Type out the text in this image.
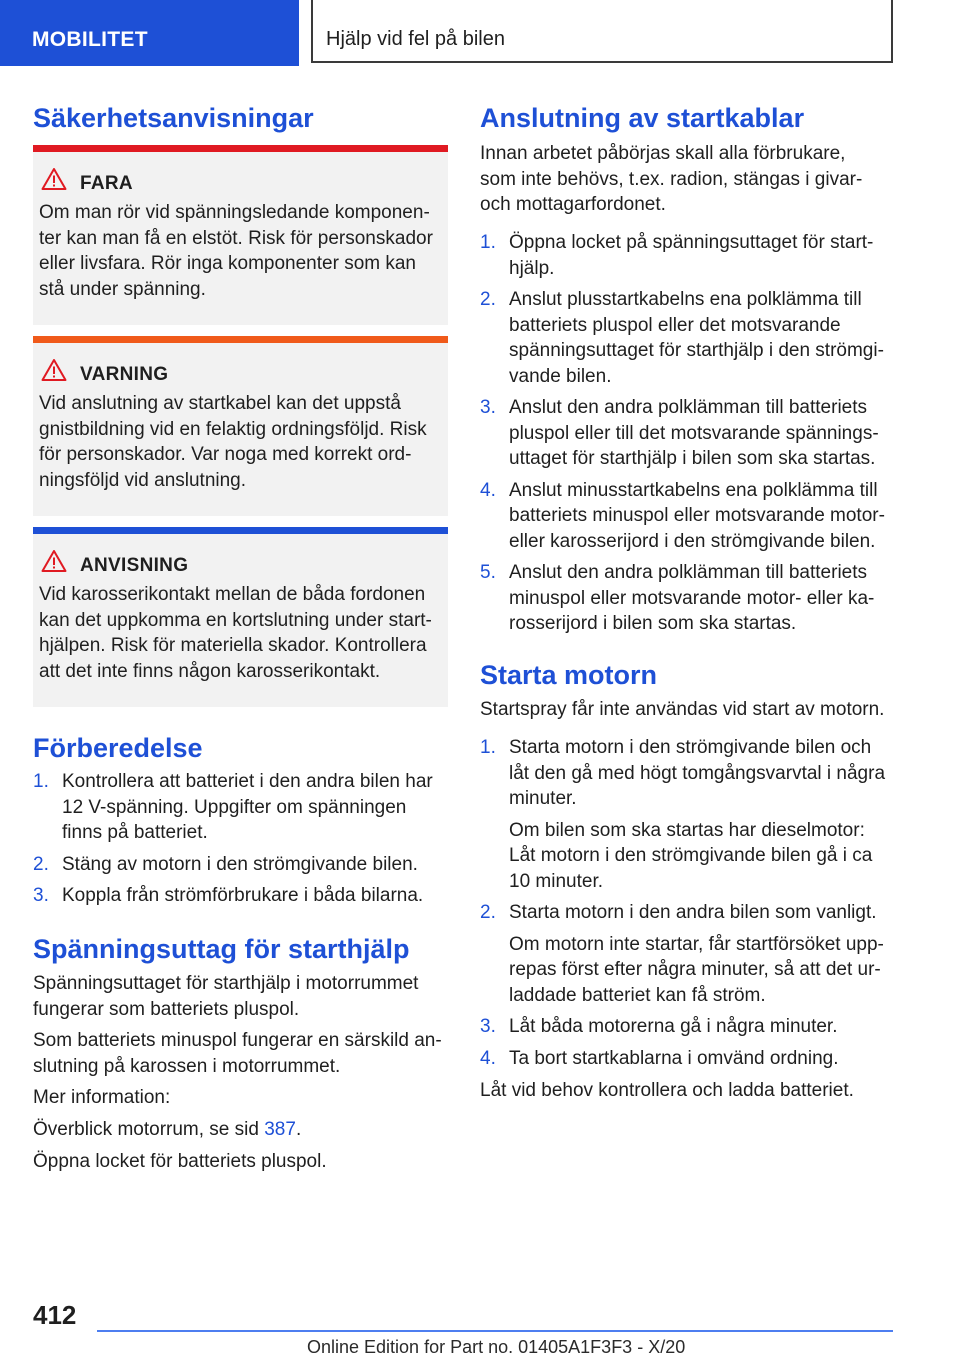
MOBILITET	Hjälp vid fel på bilen
Säkerhetsanvisningar
FARA

Om man rör vid spänningsledande komponen-ter kan man få en elstöt. Risk för personskador eller livsfara. Rör inga komponenter som kan stå under spänning.

VARNING

Vid anslutning av startkabel kan det uppstå gnistbildning vid en felaktig ordningsföljd. Risk för personskador. Var noga med korrekt ord-ningsföljd vid anslutning.

ANVISNING

Vid karosserikontakt mellan de båda fordonen kan det uppkomma en kortslutning under start-hjälpen. Risk för materiella skador. Kontrollera att det inte finns någon karosserikontakt.

Förberedelse
1. Kontrollera att batteriet i den andra bilen har 12 V-spänning. Uppgifter om spänningen finns på batteriet.
2. Stäng av motorn i den strömgivande bilen.
3. Koppla från strömförbrukare i båda bilarna.
Spänningsuttag för starthjälp

Spänningsuttaget för starthjälp i motorrummet fungerar som batteriets pluspol.

Som batteriets minuspol fungerar en särskild an-slutning på karossen i motorrummet.

Mer information:

Överblick motorrum, se sid 387.

Öppna locket för batteriets pluspol.

Anslutning av startkablar

Innan arbetet påbörjas skall alla förbrukare, som inte behövs, t.ex. radion, stängas i givar- och mottagarfordonet.

1. Öppna locket på spänningsuttaget för start-hjälp.
2. Anslut plusstartkabelns ena polklämma till batteriets pluspol eller det motsvarande spänningsuttaget för starthjälp i den strömgi-vande bilen.
3. Anslut den andra polklämman till batteriets pluspol eller till det motsvarande spännings-uttaget för starthjälp i bilen som ska startas.
4. Anslut minusstartkabelns ena polklämma till batteriets minuspol eller motsvarande motor- eller karosserijord i den strömgivande bilen.
5. Anslut den andra polklämman till batteriets minuspol eller motsvarande motor- eller ka-rosserijord i bilen som ska startas.
Starta motorn

Startspray får inte användas vid start av motorn.

1. Starta motorn i den strömgivande bilen och låt den gå med högt tomgångsvarvtal i några minuter.
Om bilen som ska startas har dieselmotor: Låt motorn i den strömgivande bilen gå i ca 10 minuter.
2. Starta motorn i den andra bilen som vanligt.
Om motorn inte startar, får startförsöket upp-repas först efter några minuter, så att det ur-laddade batteriet kan få ström.
3. Låt båda motorerna gå i några minuter.
4. Ta bort startkablarna i omvänd ordning.

Låt vid behov kontrollera och ladda batteriet.

412
Online Edition for Part no. 01405A1F3F3 - X/20
